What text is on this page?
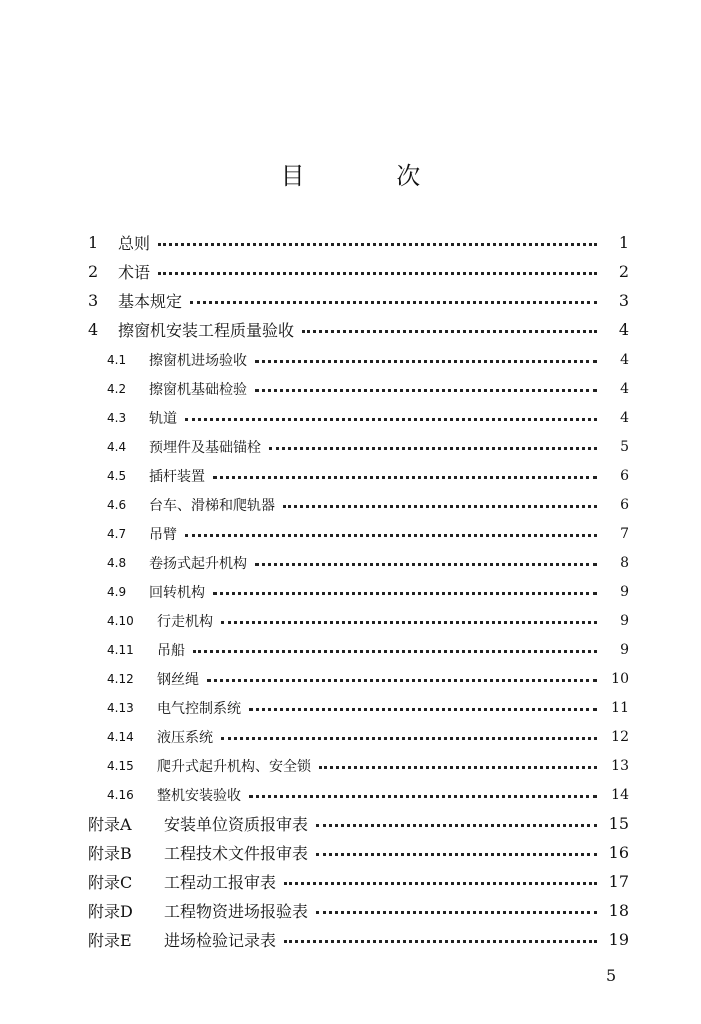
目 次
1	总则	1
2	术语	2
3	基本规定	3
4	擦窗机安装工程质量验收	4
4.1	擦窗机进场验收	4
4.2	擦窗机基础检验	4
4.3	轨道	4
4.4	预埋件及基础锚栓	5
4.5	插杆装置	6
4.6	台车、滑梯和爬轨器	6
4.7	吊臂	7
4.8	卷扬式起升机构	8
4.9	回转机构	9
4.10	行走机构	9
4.11	吊船	9
4.12	钢丝绳	10
4.13	电气控制系统	11
4.14	液压系统	12
4.15	爬升式起升机构、安全锁	13
4.16	整机安装验收	14
附录A	安装单位资质报审表	15
附录B	工程技术文件报审表	16
附录C	工程动工报审表	17
附录D	工程物资进场报验表	18
附录E	进场检验记录表	19
5
